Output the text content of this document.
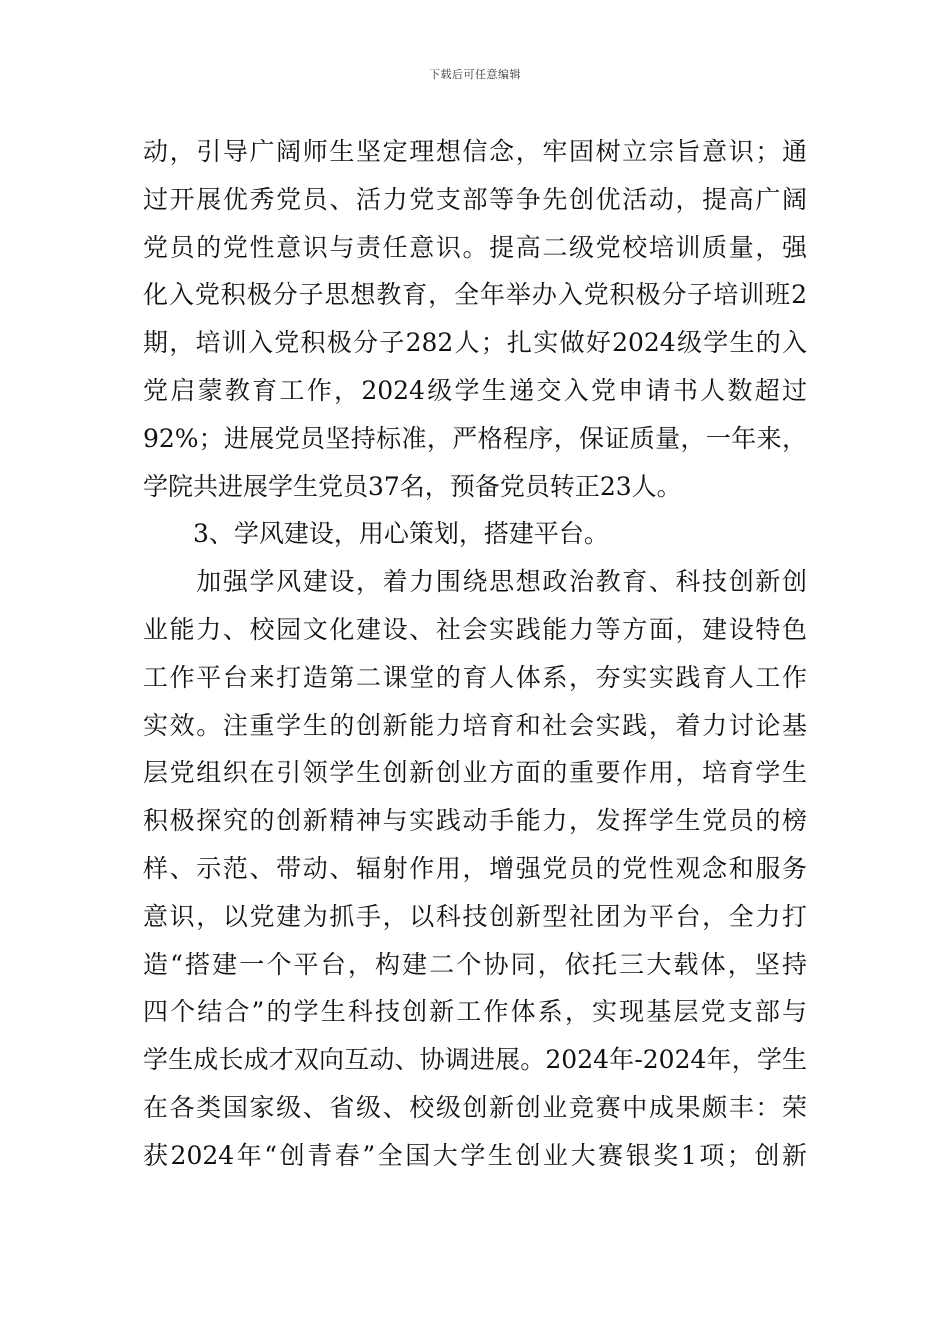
下载后可任意编辑
动，引导广阔师生坚定理想信念，牢固树立宗旨意识；通
过开展优秀党员、活力党支部等争先创优活动，提高广阔
党员的党性意识与责任意识。提高二级党校培训质量，强
化入党积极分子思想教育，全年举办入党积极分子培训班2
期，培训入党积极分子282人；扎实做好2024级学生的入
党启蒙教育工作，2024级学生递交入党申请书人数超过
92%；进展党员坚持标准，严格程序，保证质量，一年来，
学院共进展学生党员37名，预备党员转正23人。
　　3、学风建设，用心策划，搭建平台。
　　加强学风建设，着力围绕思想政治教育、科技创新创
业能力、校园文化建设、社会实践能力等方面，建设特色
工作平台来打造第二课堂的育人体系，夯实实践育人工作
实效。注重学生的创新能力培育和社会实践，着力讨论基
层党组织在引领学生创新创业方面的重要作用，培育学生
积极探究的创新精神与实践动手能力，发挥学生党员的榜
样、示范、带动、辐射作用，增强党员的党性观念和服务
意识，以党建为抓手，以科技创新型社团为平台，全力打
造“搭建一个平台，构建二个协同，依托三大载体，坚持
四个结合”的学生科技创新工作体系，实现基层党支部与
学生成长成才双向互动、协调进展。2024年-2024年，学生
在各类国家级、省级、校级创新创业竞赛中成果颇丰：荣
获2024年“创青春”全国大学生创业大赛银奖1项；创新
